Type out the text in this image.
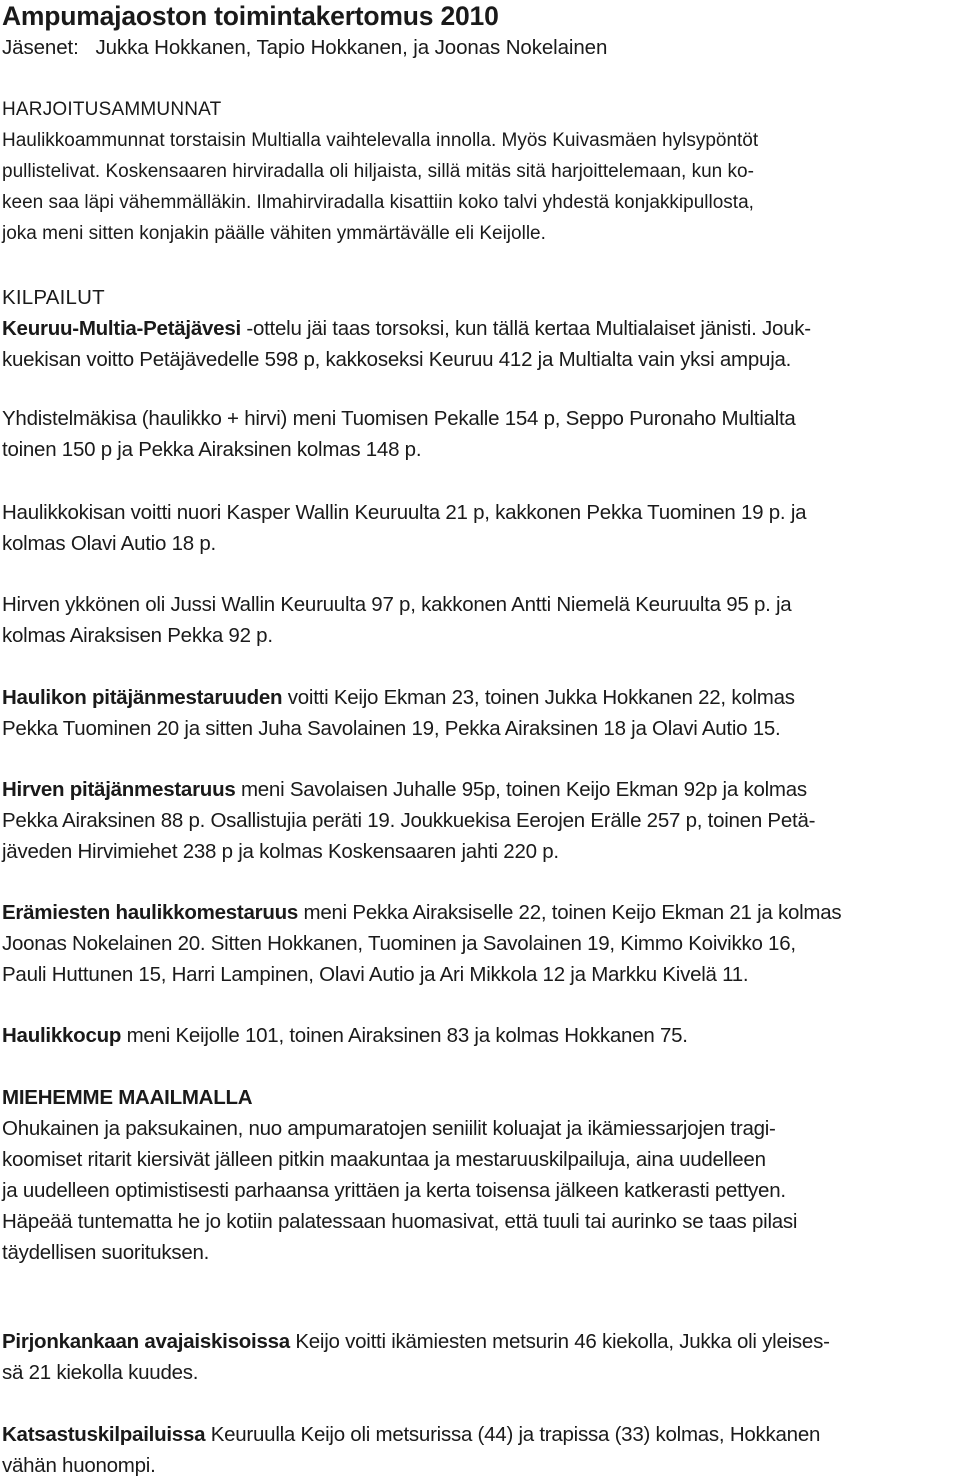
Ampumajaoston toimintakertomus 2010

Jäsenet:   Jukka Hokkanen, Tapio Hokkanen, ja Joonas Nokelainen

HARJOITUSAMMUNNAT
Haulikkoammunnat torstaisin Multialla vaihtelevalla innolla. Myös Kuivasmäen hylsypöntöt
pullistelivat. Koskensaaren hirviradalla oli hiljaista, sillä mitäs sitä harjoittelemaan, kun ko-
keen saa läpi vähemmälläkin. Ilmahirviradalla kisattiin koko talvi yhdestä konjakkipullosta,
joka meni sitten konjakin päälle vähiten ymmärtävälle eli Keijolle.
KILPAILUT
Keuruu-Multia-Petäjävesi -ottelu jäi taas torsoksi, kun tällä kertaa Multialaiset jänisti. Jouk-
kuekisan voitto Petäjävedelle 598 p, kakkoseksi Keuruu 412 ja Multialta vain yksi ampuja.
Yhdistelmäkisa (haulikko + hirvi) meni Tuomisen Pekalle 154 p, Seppo Puronaho Multialta
toinen 150 p ja Pekka Airaksinen kolmas 148 p.
Haulikkokisan voitti nuori Kasper Wallin Keuruulta 21 p, kakkonen Pekka Tuominen 19 p. ja
kolmas Olavi Autio 18 p.
Hirven ykkönen oli Jussi Wallin Keuruulta 97 p, kakkonen Antti Niemelä Keuruulta 95 p. ja
kolmas Airaksisen Pekka 92 p.
Haulikon pitäjänmestaruuden voitti Keijo Ekman 23, toinen Jukka Hokkanen 22, kolmas
Pekka Tuominen 20 ja sitten Juha Savolainen 19, Pekka Airaksinen 18 ja Olavi Autio 15.
Hirven pitäjänmestaruus meni Savolaisen Juhalle 95p, toinen Keijo Ekman 92p ja kolmas
Pekka Airaksinen 88 p. Osallistujia peräti 19. Joukkuekisa Eerojen Erälle 257 p, toinen Petä-
jäveden Hirvimiehet 238 p ja kolmas Koskensaaren jahti 220 p.
Erämiesten haulikkomestaruus meni Pekka Airaksiselle 22, toinen Keijo Ekman 21 ja kolmas
Joonas Nokelainen 20. Sitten Hokkanen, Tuominen ja Savolainen 19, Kimmo Koivikko 16,
Pauli Huttunen 15, Harri Lampinen, Olavi Autio ja Ari Mikkola 12 ja Markku Kivelä 11.
Haulikkocup meni Keijolle 101, toinen Airaksinen 83 ja kolmas Hokkanen 75.
MIEHEMME MAAILMALLA
Ohukainen ja paksukainen, nuo ampumaratojen seniilit koluajat ja ikämiessarjojen tragi-
koomiset ritarit kiersivät jälleen pitkin maakuntaa ja mestaruuskilpailuja, aina uudelleen
ja uudelleen optimistisesti parhaansa yrittäen ja kerta toisensa jälkeen katkerasti pettyen.
Häpeää tuntematta he jo kotiin palatessaan huomasivat, että tuuli tai aurinko se taas pilasi
täydellisen suorituksen.
Pirjonkankaan avajaiskisoissa Keijo voitti ikämiesten metsurin 46 kiekolla, Jukka oli yleises-
sä 21 kiekolla kuudes.
Katsastuskilpailuissa Keuruulla Keijo oli metsurissa (44) ja trapissa (33) kolmas, Hokkanen
vähän huonompi.
